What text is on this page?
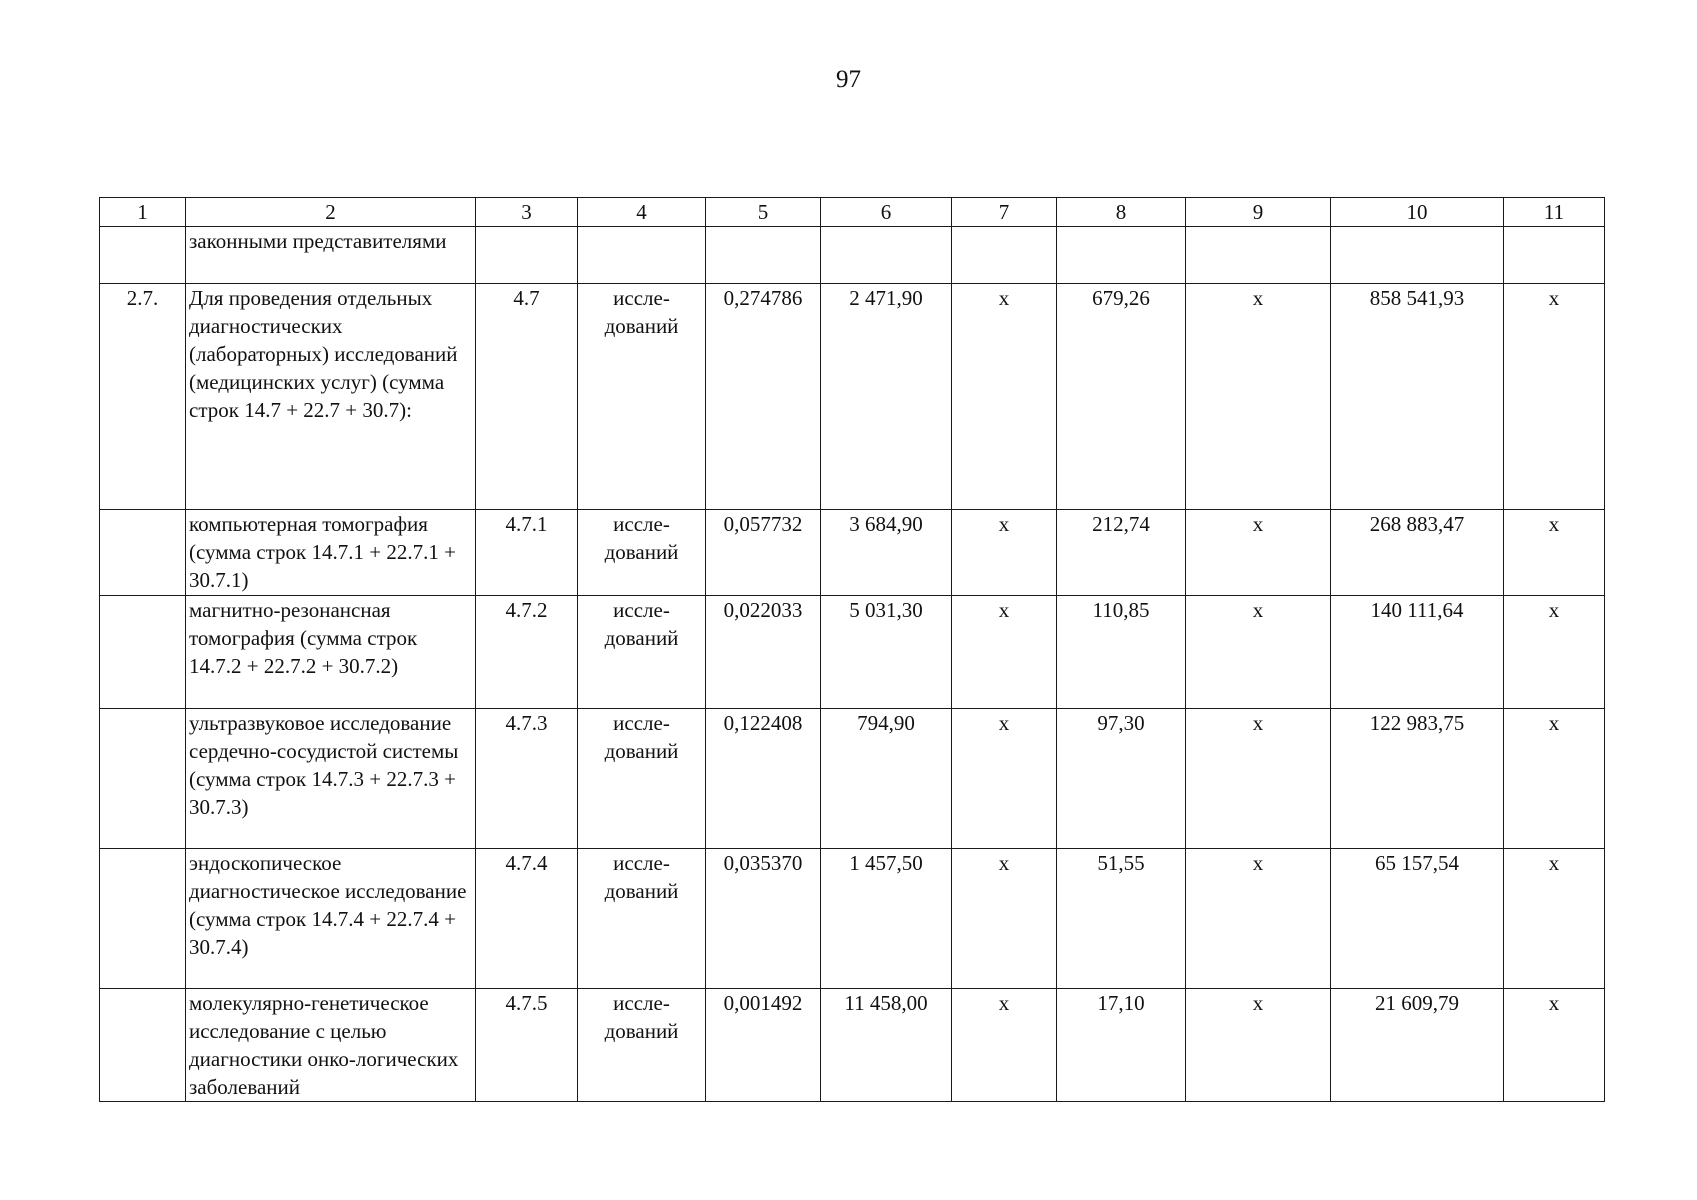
97
1	2	3	4	5	6	7	8	9	10	11
	законными представителями									
2.7.	Для проведения отдельных диагностических (лабораторных) исследований (медицинских услуг) (сумма строк 14.7 + 22.7 + 30.7):	4.7	иссле-дований	0,274786	2 471,90	х	679,26	х	858 541,93	х
	компьютерная томография (сумма строк 14.7.1 + 22.7.1 + 30.7.1)	4.7.1	иссле-дований	0,057732	3 684,90	х	212,74	х	268 883,47	х
	магнитно-резонансная томография (сумма строк 14.7.2 + 22.7.2 + 30.7.2)	4.7.2	иссле-дований	0,022033	5 031,30	х	110,85	х	140 111,64	х
	ультразвуковое исследование сердечно-сосудистой системы (сумма строк 14.7.3 + 22.7.3 + 30.7.3)	4.7.3	иссле-дований	0,122408	794,90	х	97,30	х	122 983,75	х
	эндоскопическое диагностическое исследование (сумма строк 14.7.4 + 22.7.4 + 30.7.4)	4.7.4	иссле-дований	0,035370	1 457,50	х	51,55	х	65 157,54	х
	молекулярно-генетическое исследование с целью диагностики онко-логических заболеваний	4.7.5	иссле-дований	0,001492	11 458,00	х	17,10	х	21 609,79	х
